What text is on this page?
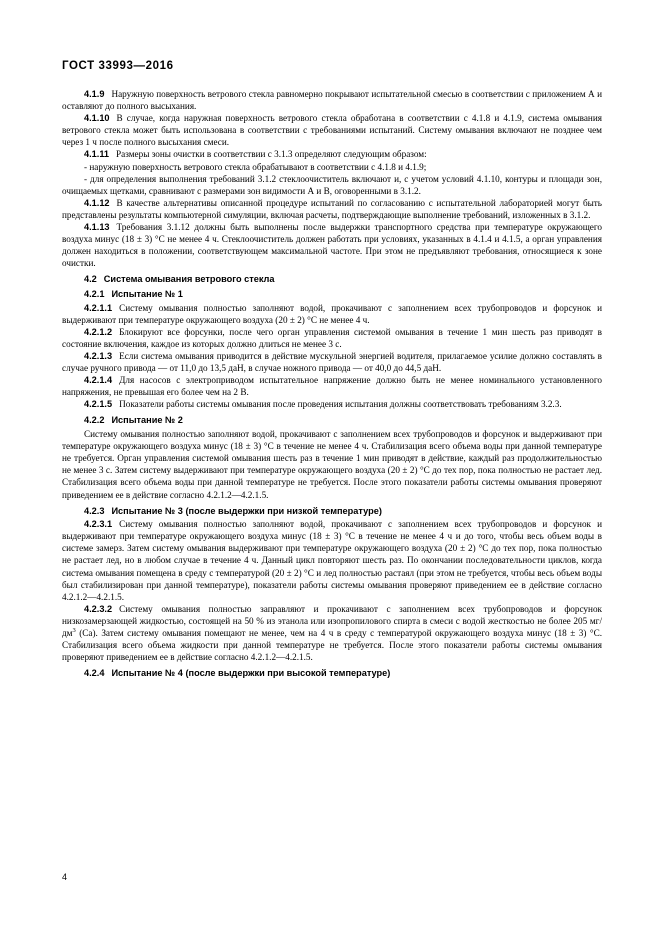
ГОСТ 33993—2016

4.1.9 Наружную поверхность ветрового стекла равномерно покрывают испытательной смесью в соответствии с приложением А и оставляют до полного высыхания.

4.1.10 В случае, когда наружная поверхность ветрового стекла обработана в соответствии с 4.1.8 и 4.1.9, система омывания ветрового стекла может быть использована в соответствии с требованиями испытаний. Систему омывания включают не позднее чем через 1 ч после полного высыхания смеси.

4.1.11 Размеры зоны очистки в соответствии с 3.1.3 определяют следующим образом:

- наружную поверхность ветрового стекла обрабатывают в соответствии с 4.1.8 и 4.1.9;

- для определения выполнения требований 3.1.2 стеклоочиститель включают и, с учетом условий 4.1.10, контуры и площади зон, очищаемых щетками, сравнивают с размерами зон видимости А и В, оговоренными в 3.1.2.

4.1.12 В качестве альтернативы описанной процедуре испытаний по согласованию с испытательной лабораторией могут быть представлены результаты компьютерной симуляции, включая расчеты, подтверждающие выполнение требований, изложенных в 3.1.2.

4.1.13 Требования 3.1.12 должны быть выполнены после выдержки транспортного средства при температуре окружающего воздуха минус (18 ± 3) °С не менее 4 ч. Стеклоочиститель должен работать при условиях, указанных в 4.1.4 и 4.1.5, а орган управления должен находиться в положении, соответствующем максимальной частоте. При этом не предъявляют требования, относящиеся к зоне очистки.

4.2 Система омывания ветрового стекла

4.2.1 Испытание № 1

4.2.1.1 Систему омывания полностью заполняют водой, прокачивают с заполнением всех трубопроводов и форсунок и выдерживают при температуре окружающего воздуха (20 ± 2) °С не менее 4 ч.

4.2.1.2 Блокируют все форсунки, после чего орган управления системой омывания в течение 1 мин шесть раз приводят в состояние включения, каждое из которых должно длиться не менее 3 с.

4.2.1.3 Если система омывания приводится в действие мускульной энергией водителя, прилагаемое усилие должно составлять в случае ручного привода — от 11,0 до 13,5 даН, в случае ножного привода — от 40,0 до 44,5 даН.

4.2.1.4 Для насосов с электроприводом испытательное напряжение должно быть не менее номинального установленного напряжения, не превышая его более чем на 2 В.

4.2.1.5 Показатели работы системы омывания после проведения испытания должны соответствовать требованиям 3.2.3.

4.2.2 Испытание № 2

Систему омывания полностью заполняют водой, прокачивают с заполнением всех трубопроводов и форсунок и выдерживают при температуре окружающего воздуха минус (18 ± 3) °С в течение не менее 4 ч. Стабилизация всего объема воды при данной температуре не требуется. Орган управления системой омывания шесть раз в течение 1 мин приводят в действие, каждый раз продолжительностью не менее 3 с. Затем систему выдерживают при температуре окружающего воздуха (20 ± 2) °С до тех пор, пока полностью не растает лед. Стабилизация всего объема воды при данной температуре не требуется. После этого показатели работы системы омывания проверяют приведением ее в действие согласно 4.2.1.2—4.2.1.5.

4.2.3 Испытание № 3 (после выдержки при низкой температуре)

4.2.3.1 Систему омывания полностью заполняют водой, прокачивают с заполнением всех трубопроводов и форсунок и выдерживают при температуре окружающего воздуха минус (18 ± 3) °С в течение не менее 4 ч и до того, чтобы весь объем воды в системе замерз. Затем систему омывания выдерживают при температуре окружающего воздуха (20 ± 2) °С до тех пор, пока полностью не растает лед, но в любом случае в течение 4 ч. Данный цикл повторяют шесть раз. По окончании последовательности циклов, когда система омывания помещена в среду с температурой (20 ± 2) °С и лед полностью растаял (при этом не требуется, чтобы весь объем воды был стабилизирован при данной температуре), показатели работы системы омывания проверяют приведением ее в действие согласно 4.2.1.2—4.2.1.5.

4.2.3.2 Систему омывания полностью заправляют и прокачивают с заполнением всех трубопроводов и форсунок низкозамерзающей жидкостью, состоящей на 50 % из этанола или изопропилового спирта в смеси с водой жесткостью не более 205 $мг/дм^3$ (Са). Затем систему омывания помещают не менее, чем на 4 ч в среду с температурой окружающего воздуха минус (18 ± 3) °С. Стабилизация всего объема жидкости при данной температуре не требуется. После этого показатели работы системы омывания проверяют приведением ее в действие согласно 4.2.1.2—4.2.1.5.

4.2.4 Испытание № 4 (после выдержки при высокой температуре)

4
